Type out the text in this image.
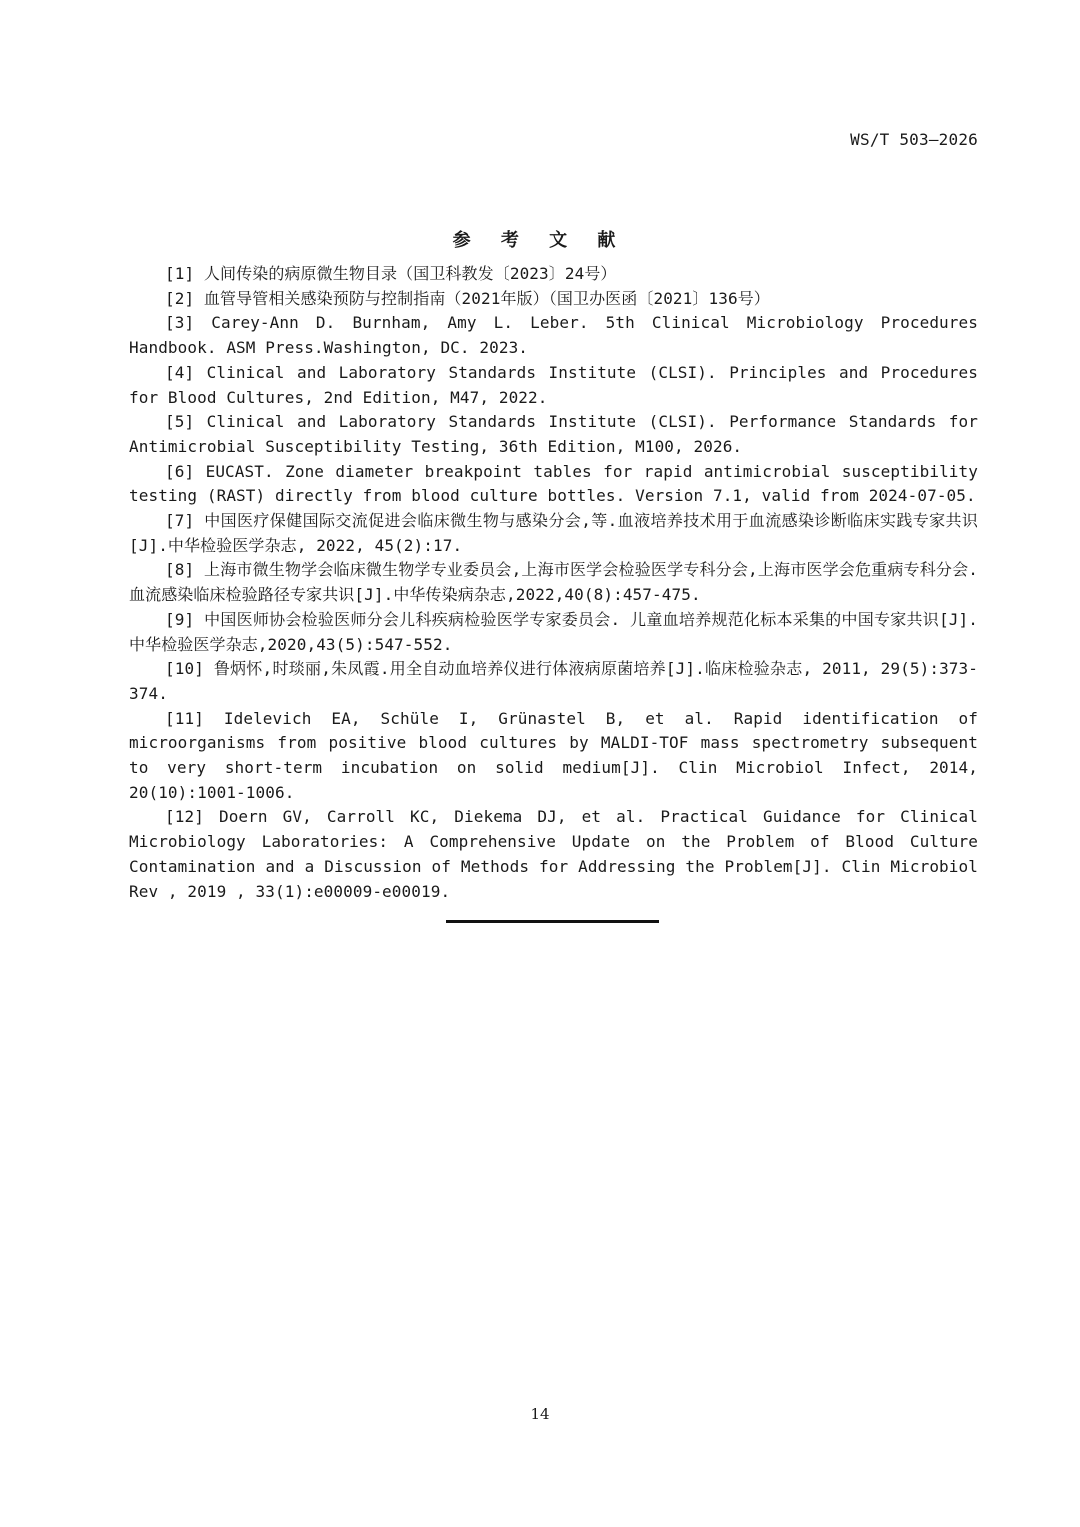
WS/T 503—2026
参 考 文 献
[1] 人间传染的病原微生物目录（国卫科教发〔2023〕24号）
[2] 血管导管相关感染预防与控制指南（2021年版）（国卫办医函〔2021〕136号）
[3] Carey-Ann D. Burnham, Amy L. Leber. 5th Clinical Microbiology Procedures Handbook. ASM Press.Washington, DC. 2023.
[4] Clinical and Laboratory Standards Institute (CLSI). Principles and Procedures for Blood Cultures, 2nd Edition, M47, 2022.
[5] Clinical and Laboratory Standards Institute (CLSI). Performance Standards for Antimicrobial Susceptibility Testing, 36th Edition, M100, 2026.
[6] EUCAST. Zone diameter breakpoint tables for rapid antimicrobial susceptibility testing (RAST) directly from blood culture bottles. Version 7.1, valid from 2024-07-05.
[7] 中国医疗保健国际交流促进会临床微生物与感染分会,等.血液培养技术用于血流感染诊断临床实践专家共识[J].中华检验医学杂志, 2022, 45(2):17.
[8] 上海市微生物学会临床微生物学专业委员会,上海市医学会检验医学专科分会,上海市医学会危重病专科分会. 血流感染临床检验路径专家共识[J].中华传染病杂志,2022,40(8):457-475.
[9] 中国医师协会检验医师分会儿科疾病检验医学专家委员会. 儿童血培养规范化标本采集的中国专家共识[J]. 中华检验医学杂志,2020,43(5):547-552.
[10] 鲁炳怀,时琰丽,朱凤霞.用全自动血培养仪进行体液病原菌培养[J].临床检验杂志, 2011, 29(5):373-374.
[11] Idelevich EA, Schüle I, Grünastel B, et al. Rapid identification of microorganisms from positive blood cultures by MALDI-TOF mass spectrometry subsequent to very short-term incubation on solid medium[J]. Clin Microbiol Infect, 2014, 20(10):1001-1006.
[12] Doern GV, Carroll KC, Diekema DJ, et al. Practical Guidance for Clinical Microbiology Laboratories: A Comprehensive Update on the Problem of Blood Culture Contamination and a Discussion of Methods for Addressing the Problem[J]. Clin Microbiol Rev , 2019 , 33(1):e00009-e00019.
14
